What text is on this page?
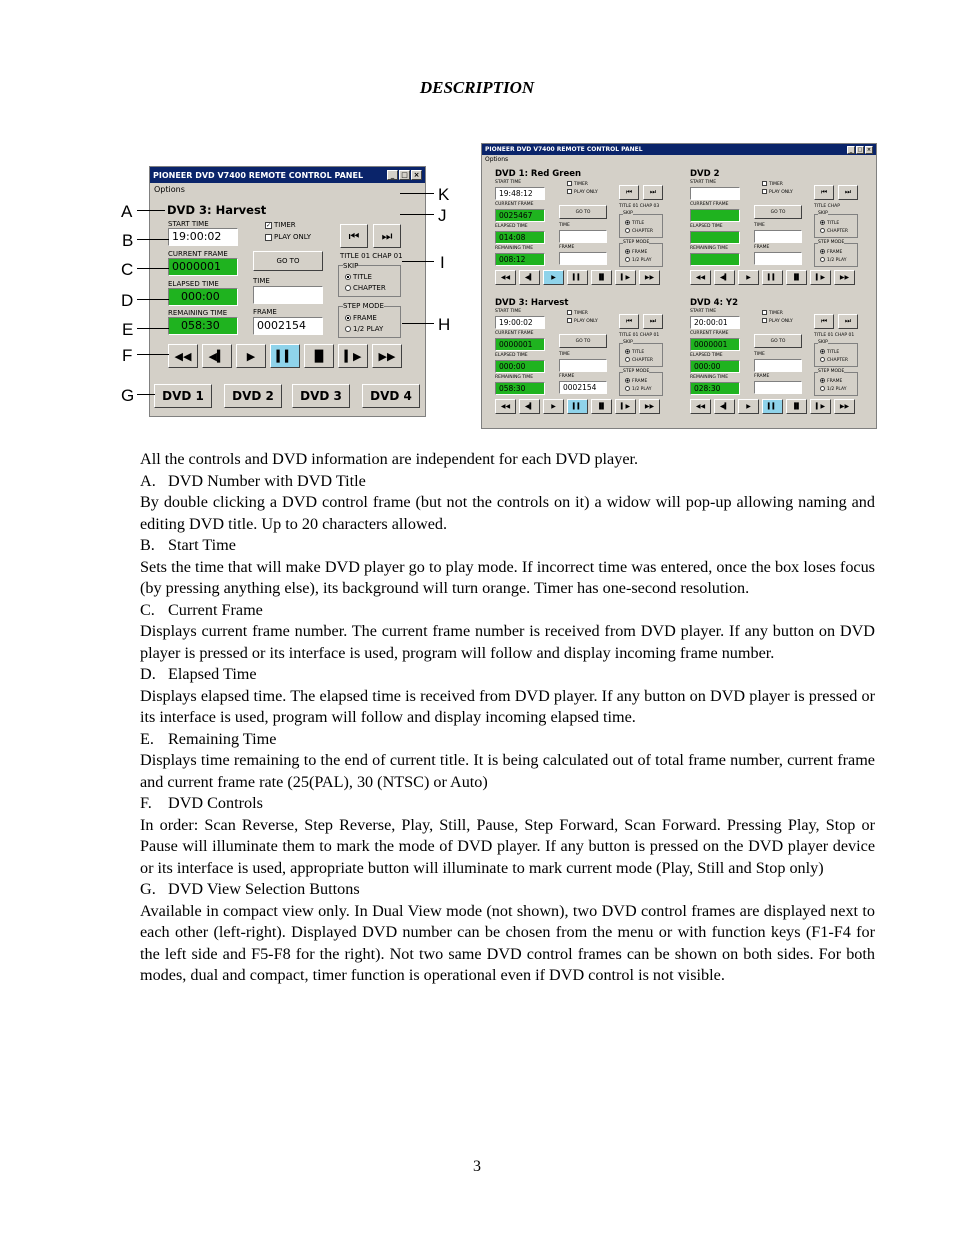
DESCRIPTION
PIONEER DVD V7400 REMOTE CONTROL PANEL	_ □ ×
Options
DVD 3: Harvest
START TIME
19:00:02
✓ TIMER
PLAY ONLY	⏮ ⏭
CURRENT FRAME
0000001	GO TO
TITLE 01 CHAP 01
ELAPSED TIME
000:00
TIME
SKIP
TITLE
CHAPTER
REMAINING TIME
058:30
FRAME
0002154
STEP MODE
FRAME
1/2 PLAY
◀◀ ◀▍ ▶ ▍▍ ▐▌ ▍▶ ▶▶
DVD 1	DVD 2	DVD 3	DVD 4
A
B
C
D
E
F
G
K
J
I
H
PIONEER DVD V7400 REMOTE CONTROL PANEL	_	□ ×
Options
DVD 1: Red Green
START TIME
19:48:12
TIMER
PLAY ONLY	⏮	⏭
CURRENT FRAME
0025467	GO TO
TITLE 01 CHAP 03
ELAPSED TIME
014:08
TIME
SKIP
TITLE
CHAPTER
REMAINING TIME
008:12
FRAME
STEP MODE
FRAME
1/2 PLAY
◀◀ ◀▍	▶	▍▍ ▐▌ ▍▶ ▶▶
DVD 2
START TIME	TIMER
PLAY ONLY	⏮	⏭
CURRENT FRAME
GO TO
TITLE CHAP
ELAPSED TIME	TIME
SKIP
TITLE
CHAPTER
REMAINING TIME	FRAME
STEP MODE
FRAME
1/2 PLAY
◀◀ ◀▍	▶	▍▍ ▐▌ ▍▶ ▶▶
DVD 3: Harvest
START TIME
19:00:02
TIMER
PLAY ONLY	⏮	⏭
CURRENT FRAME
0000001	GO TO
TITLE 01 CHAP 01
ELAPSED TIME
000:00
TIME
SKIP
TITLE
CHAPTER
REMAINING TIME
058:30
FRAME
0002154
STEP MODE
FRAME
1/2 PLAY
◀◀ ◀▍	▶	▍▍ ▐▌ ▍▶ ▶▶
DVD 4: Y2
START TIME
20:00:01
TIMER
PLAY ONLY	⏮	⏭
CURRENT FRAME
0000001	GO TO
TITLE 01 CHAP 01
ELAPSED TIME
000:00
TIME
SKIP
TITLE
CHAPTER
REMAINING TIME
028:30
FRAME
STEP MODE
FRAME
1/2 PLAY
◀◀ ◀▍	▶	▍▍ ▐▌ ▍▶ ▶▶

All the controls and DVD information are independent for each DVD player.

A. DVD Number with DVD Title

By double clicking a DVD control frame (but not the controls on it) a widow will pop-up allowing naming and editing DVD title. Up to 20 characters allowed.

B. Start Time

Sets the time that will make DVD player go to play mode. If incorrect time was entered, once the box loses focus (by pressing anything else), its background will turn orange. Timer has one-second resolution.

C. Current Frame

Displays current frame number. The current frame number is received from DVD player. If any button on DVD player is pressed or its interface is used, program will follow and display incoming frame number.

D. Elapsed Time

Displays elapsed time. The elapsed time is received from DVD player. If any button on DVD player is pressed or its interface is used, program will follow and display incoming elapsed time.

E. Remaining Time

Displays time remaining to the end of current title. It is being calculated out of total frame number, current frame and current frame rate (25(PAL), 30 (NTSC) or Auto)

F.	DVD Controls

In order: Scan Reverse, Step Reverse, Play, Still, Pause, Step Forward, Scan Forward. Pressing Play, Stop or Pause will illuminate them to mark the mode of DVD player. If any button is pressed on the DVD player device or its interface is used, appropriate button will illuminate to mark current mode (Play, Still and Stop only)

G. DVD View Selection Buttons

Available in compact view only. In Dual View mode (not shown), two DVD control frames are displayed next to each other (left-right). Displayed DVD number can be chosen from the menu or with function keys (F1-F4 for the left side and F5-F8 for the right). Not two same DVD control frames can be shown on both sides. For both modes, dual and compact, timer function is operational even if DVD control is not visible.

3
